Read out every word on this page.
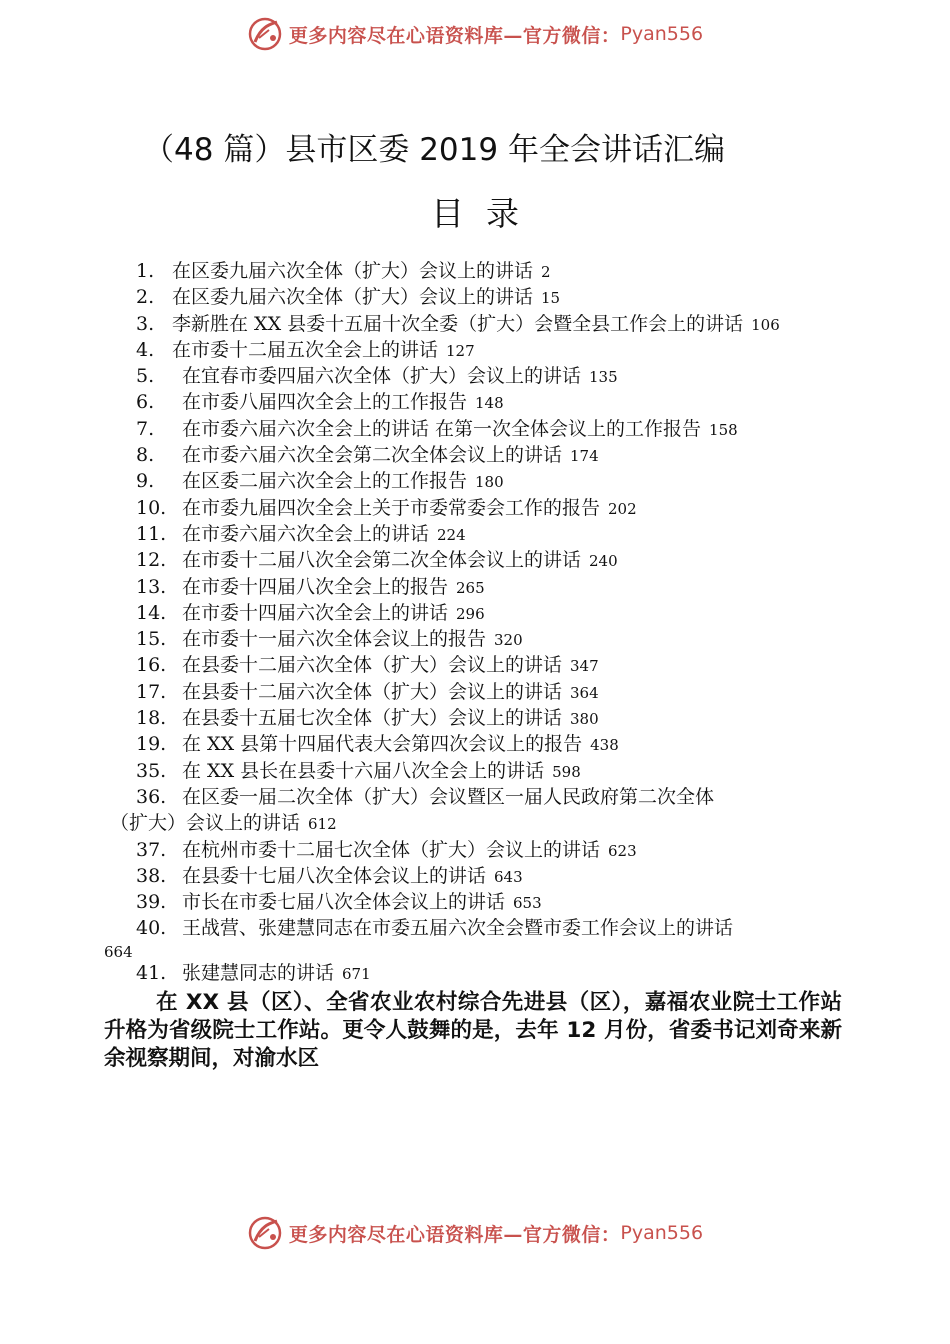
更多内容尽在心语资料库—官方微信： Pyan556
（48 篇）县市区委 2019 年全会讲话汇编
目录
1. 在区委九届六次全体（扩大）会议上的讲话 2
2. 在区委九届六次全体（扩大）会议上的讲话 15
3. 李新胜在 XX 县委十五届十次全委（扩大）会暨全县工作会上的讲话 106
4. 在市委十二届五次全会上的讲话 127
5. 在宜春市委四届六次全体（扩大）会议上的讲话 135
6. 在市委八届四次全会上的工作报告 148
7. 在市委六届六次全会上的讲话 在第一次全体会议上的工作报告 158
8. 在市委六届六次全会第二次全体会议上的讲话 174
9. 在区委二届六次全会上的工作报告 180
10. 在市委九届四次全会上关于市委常委会工作的报告 202
11. 在市委六届六次全会上的讲话 224
12. 在市委十二届八次全会第二次全体会议上的讲话 240
13. 在市委十四届八次全会上的报告 265
14. 在市委十四届六次全会上的讲话 296
15. 在市委十一届六次全体会议上的报告 320
16. 在县委十二届六次全体（扩大）会议上的讲话 347
17. 在县委十二届六次全体（扩大）会议上的讲话 364
18. 在县委十五届七次全体（扩大）会议上的讲话 380
19. 在 XX 县第十四届代表大会第四次会议上的报告 438
35. 在 XX 县长在县委十六届八次全会上的讲话 598
36. 在区委一届二次全体（扩大）会议暨区一届人民政府第二次全体
（扩大）会议上的讲话 612
37. 在杭州市委十二届七次全体（扩大）会议上的讲话 623
38. 在县委十七届八次全体会议上的讲话 643
39. 市长在市委七届八次全体会议上的讲话 653
40. 王战营、张建慧同志在市委五届六次全会暨市委工作会议上的讲话
664
41. 张建慧同志的讲话 671
在 XX 县（区）、全省农业农村综合先进县（区），嘉福农业院士工作站升格为省级院士工作站。更令人鼓舞的是，去年 12 月份，省委书记刘奇来新余视察期间，对渝水区
更多内容尽在心语资料库—官方微信： Pyan556
